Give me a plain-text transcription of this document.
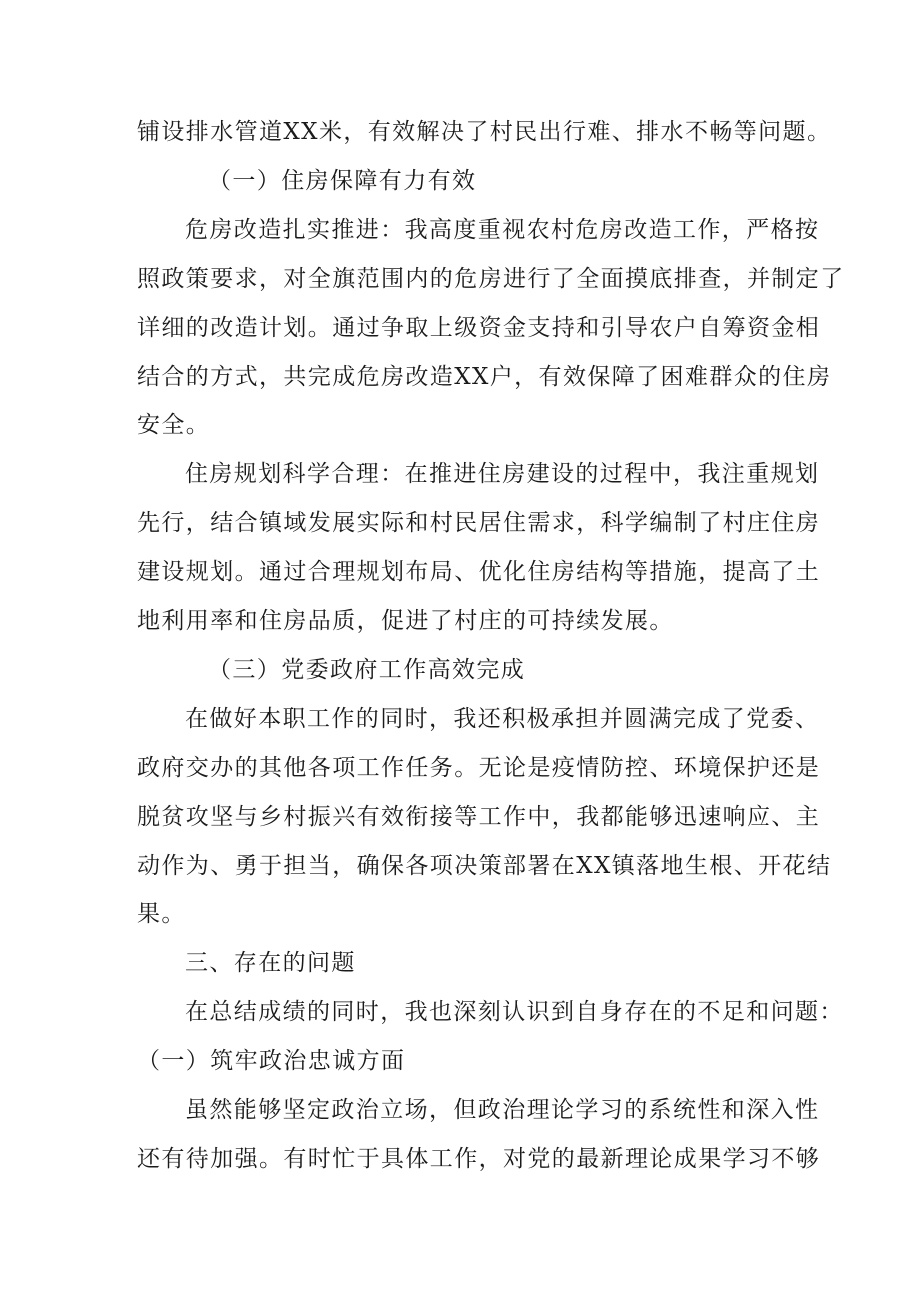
铺设排水管道XX米，有效解决了村民出行难、排水不畅等问题。
（一）住房保障有力有效
危房改造扎实推进：我高度重视农村危房改造工作，严格按
照政策要求，对全旗范围内的危房进行了全面摸底排查，并制定了
详细的改造计划。通过争取上级资金支持和引导农户自筹资金相
结合的方式，共完成危房改造XX户，有效保障了困难群众的住房
安全。
住房规划科学合理：在推进住房建设的过程中，我注重规划
先行，结合镇域发展实际和村民居住需求，科学编制了村庄住房
建设规划。通过合理规划布局、优化住房结构等措施，提高了土
地利用率和住房品质，促进了村庄的可持续发展。
（三）党委政府工作高效完成
在做好本职工作的同时，我还积极承担并圆满完成了党委、
政府交办的其他各项工作任务。无论是疫情防控、环境保护还是
脱贫攻坚与乡村振兴有效衔接等工作中，我都能够迅速响应、主
动作为、勇于担当，确保各项决策部署在XX镇落地生根、开花结
果。
三、存在的问题
在总结成绩的同时，我也深刻认识到自身存在的不足和问题：
（一）筑牢政治忠诚方面
虽然能够坚定政治立场，但政治理论学习的系统性和深入性
还有待加强。有时忙于具体工作，对党的最新理论成果学习不够
